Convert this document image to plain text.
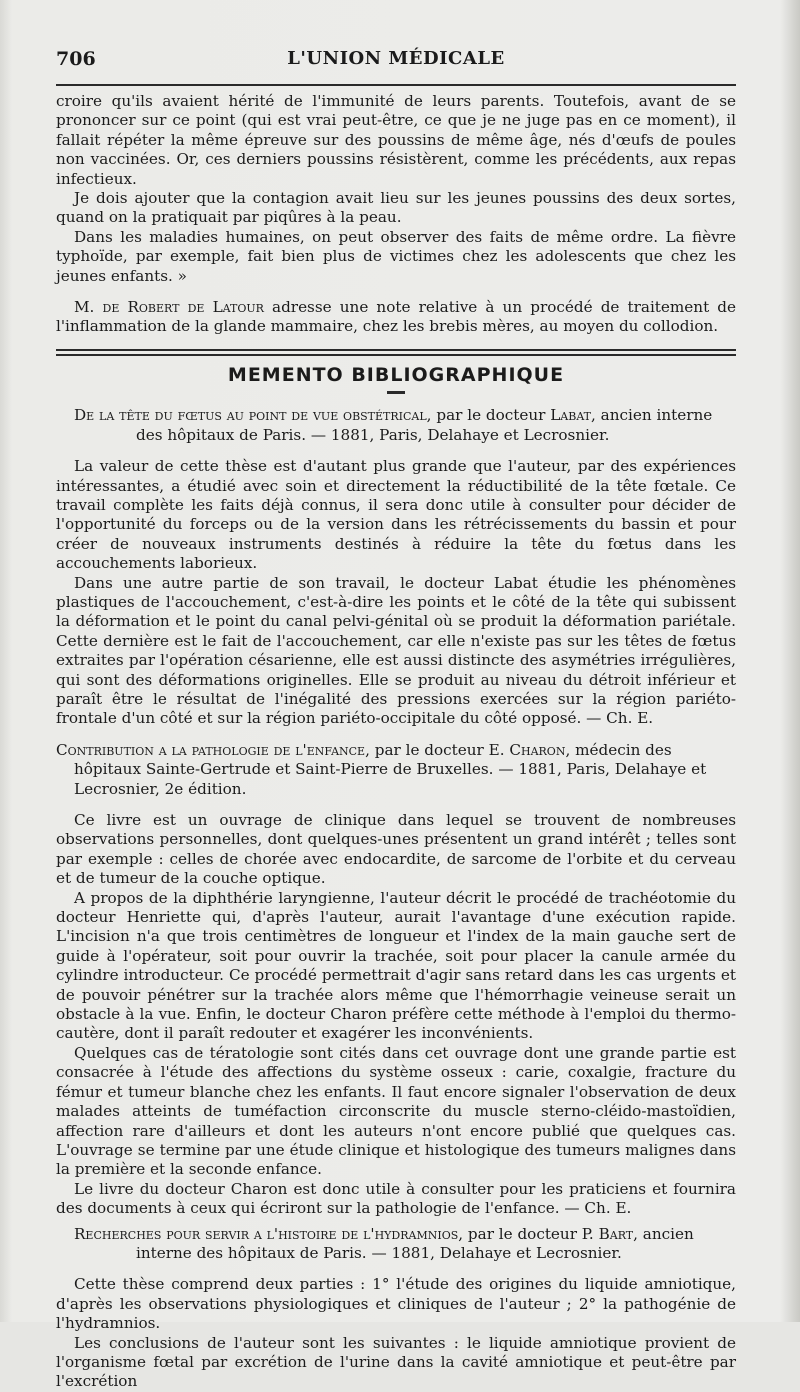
706	L'UNION MÉDICALE

croire qu'ils avaient hérité de l'immunité de leurs parents. Toutefois, avant de se prononcer sur ce point (qui est vrai peut-être, ce que je ne juge pas en ce moment), il fallait répéter la même épreuve sur des poussins de même âge, nés d'œufs de poules non vaccinées. Or, ces derniers poussins résistèrent, comme les précédents, aux repas infectieux.

Je dois ajouter que la contagion avait lieu sur les jeunes poussins des deux sortes, quand on la pratiquait par piqûres à la peau.

Dans les maladies humaines, on peut observer des faits de même ordre. La fièvre typhoïde, par exemple, fait bien plus de victimes chez les adolescents que chez les jeunes enfants. »

M. de Robert de Latour adresse une note relative à un procédé de traitement de l'inflammation de la glande mammaire, chez les brebis mères, au moyen du collodion.

MEMENTO BIBLIOGRAPHIQUE

De la tête du fœtus au point de vue obstétrical, par le docteur Labat, ancien interne des hôpitaux de Paris. — 1881, Paris, Delahaye et Lecrosnier.

La valeur de cette thèse est d'autant plus grande que l'auteur, par des expériences intéressantes, a étudié avec soin et directement la réductibilité de la tête fœtale. Ce travail complète les faits déjà connus, il sera donc utile à consulter pour décider de l'opportunité du forceps ou de la version dans les rétrécissements du bassin et pour créer de nouveaux instruments destinés à réduire la tête du fœtus dans les accouchements laborieux.

Dans une autre partie de son travail, le docteur Labat étudie les phénomènes plastiques de l'accouchement, c'est-à-dire les points et le côté de la tête qui subissent la déformation et le point du canal pelvi-génital où se produit la déformation pariétale. Cette dernière est le fait de l'accouchement, car elle n'existe pas sur les têtes de fœtus extraites par l'opération césarienne, elle est aussi distincte des asymétries irrégulières, qui sont des déformations originelles. Elle se produit au niveau du détroit inférieur et paraît être le résultat de l'inégalité des pressions exercées sur la région pariéto-frontale d'un côté et sur la région pariéto-occipitale du côté opposé. — Ch. E.

Contribution a la pathologie de l'enfance, par le docteur E. Charon, médecin des hôpitaux Sainte-Gertrude et Saint-Pierre de Bruxelles. — 1881, Paris, Delahaye et Lecrosnier, 2e édition.

Ce livre est un ouvrage de clinique dans lequel se trouvent de nombreuses observations personnelles, dont quelques-unes présentent un grand intérêt ; telles sont par exemple : celles de chorée avec endocardite, de sarcome de l'orbite et du cerveau et de tumeur de la couche optique.

A propos de la diphthérie laryngienne, l'auteur décrit le procédé de trachéotomie du docteur Henriette qui, d'après l'auteur, aurait l'avantage d'une exécution rapide. L'incision n'a que trois centimètres de longueur et l'index de la main gauche sert de guide à l'opérateur, soit pour ouvrir la trachée, soit pour placer la canule armée du cylindre introducteur. Ce procédé permettrait d'agir sans retard dans les cas urgents et de pouvoir pénétrer sur la trachée alors même que l'hémorrhagie veineuse serait un obstacle à la vue. Enfin, le docteur Charon préfère cette méthode à l'emploi du thermo-cautère, dont il paraît redouter et exagérer les inconvénients.

Quelques cas de tératologie sont cités dans cet ouvrage dont une grande partie est consacrée à l'étude des affections du système osseux : carie, coxalgie, fracture du fémur et tumeur blanche chez les enfants. Il faut encore signaler l'observation de deux malades atteints de tuméfaction circonscrite du muscle sterno-cléido-mastoïdien, affection rare d'ailleurs et dont les auteurs n'ont encore publié que quelques cas. L'ouvrage se termine par une étude clinique et histologique des tumeurs malignes dans la première et la seconde enfance.

Le livre du docteur Charon est donc utile à consulter pour les praticiens et fournira des documents à ceux qui écriront sur la pathologie de l'enfance. — Ch. E.

Recherches pour servir a l'histoire de l'hydramnios, par le docteur P. Bart, ancien interne des hôpitaux de Paris. — 1881, Delahaye et Lecrosnier.

Cette thèse comprend deux parties : 1° l'étude des origines du liquide amniotique, d'après les observations physiologiques et cliniques de l'auteur ; 2° la pathogénie de l'hydramnios.

Les conclusions de l'auteur sont les suivantes : le liquide amniotique provient de l'organisme fœtal par excrétion de l'urine dans la cavité amniotique et peut-être par l'excrétion
